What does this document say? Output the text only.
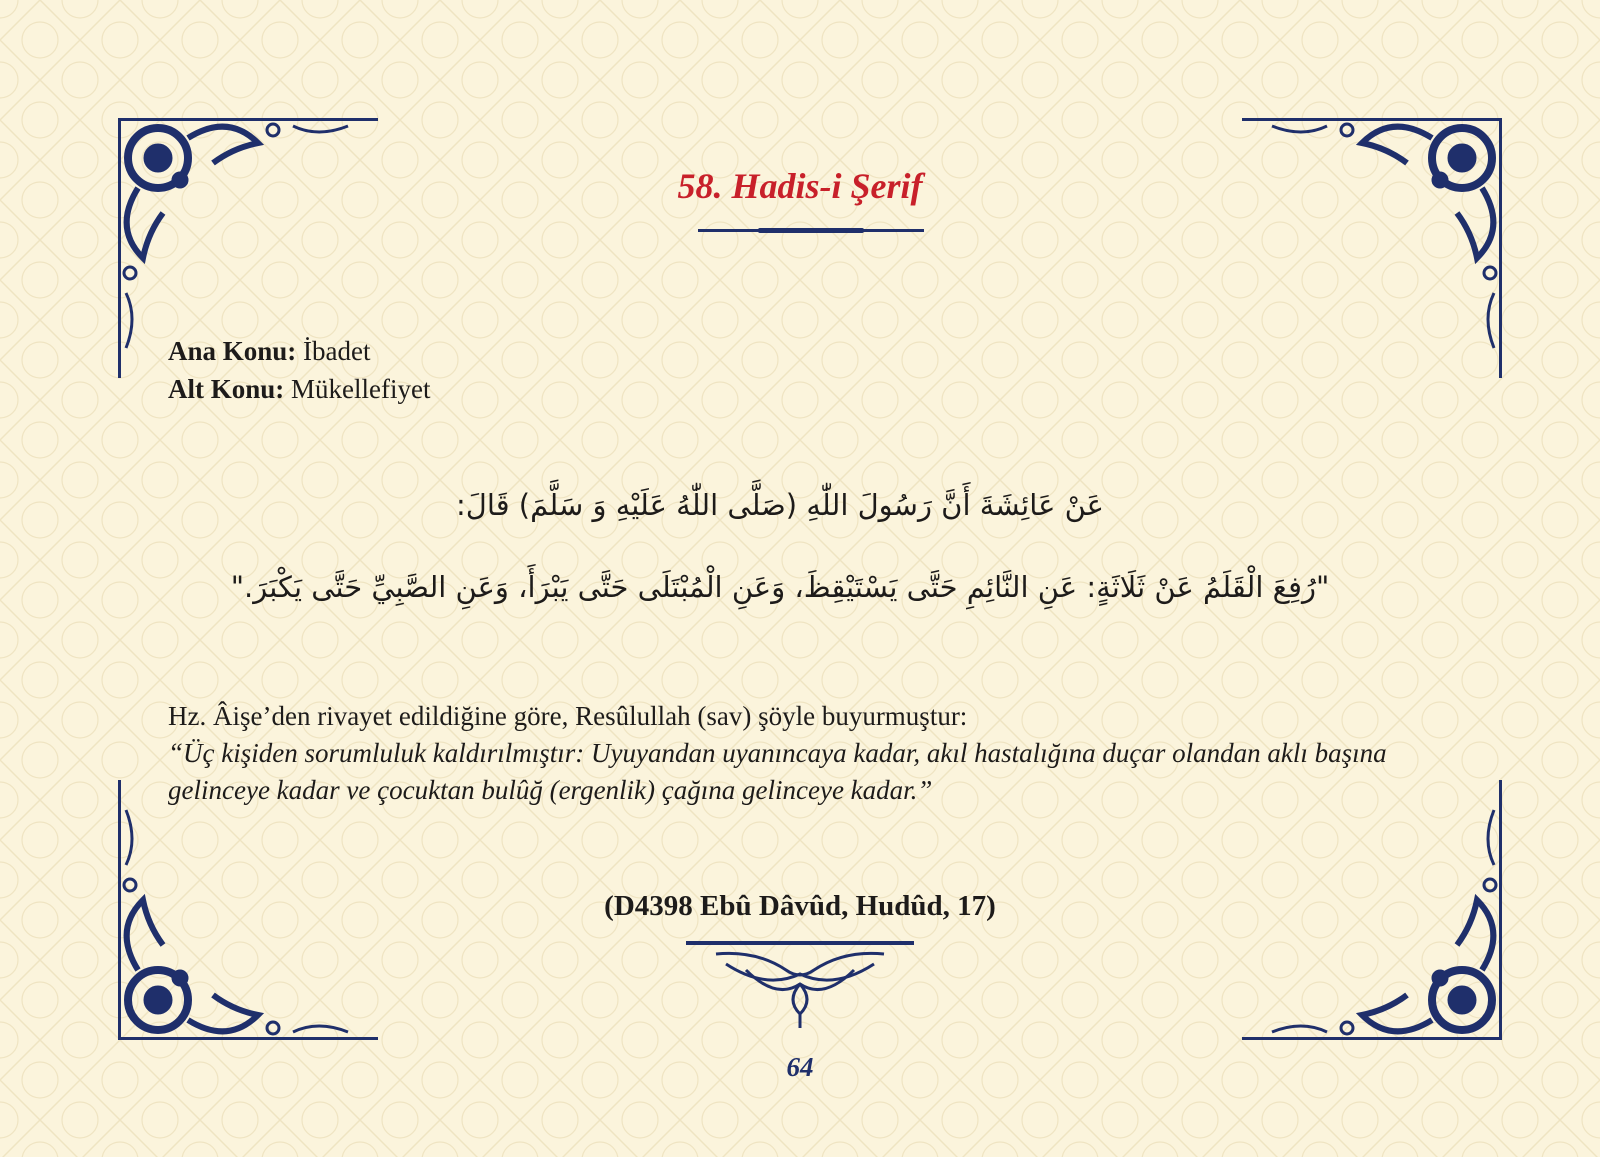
58. Hadis-i Şerif
Ana Konu: İbadet
Alt Konu: Mükellefiyet
عَنْ عَائِشَةَ أَنَّ رَسُولَ اللّٰهِ (صَلَّى اللّٰهُ عَلَيْهِ وَ سَلَّمَ) قَالَ:
"رُفِعَ الْقَلَمُ عَنْ ثَلَاثَةٍ: عَنِ النَّائِمِ حَتَّى يَسْتَيْقِظَ، وَعَنِ الْمُبْتَلَى حَتَّى يَبْرَأَ، وَعَنِ الصَّبِيِّ حَتَّى يَكْبَرَ."
Hz. Âişe’den rivayet edildiğine göre, Resûlullah (sav) şöyle buyurmuştur:
“Üç kişiden sorumluluk kaldırılmıştır: Uyuyandan uyanıncaya kadar, akıl hastalığına duçar olandan aklı başına gelinceye kadar ve çocuktan bulûğ (ergenlik) çağına gelinceye kadar.”
(D4398 Ebû Dâvûd, Hudûd, 17)
64
